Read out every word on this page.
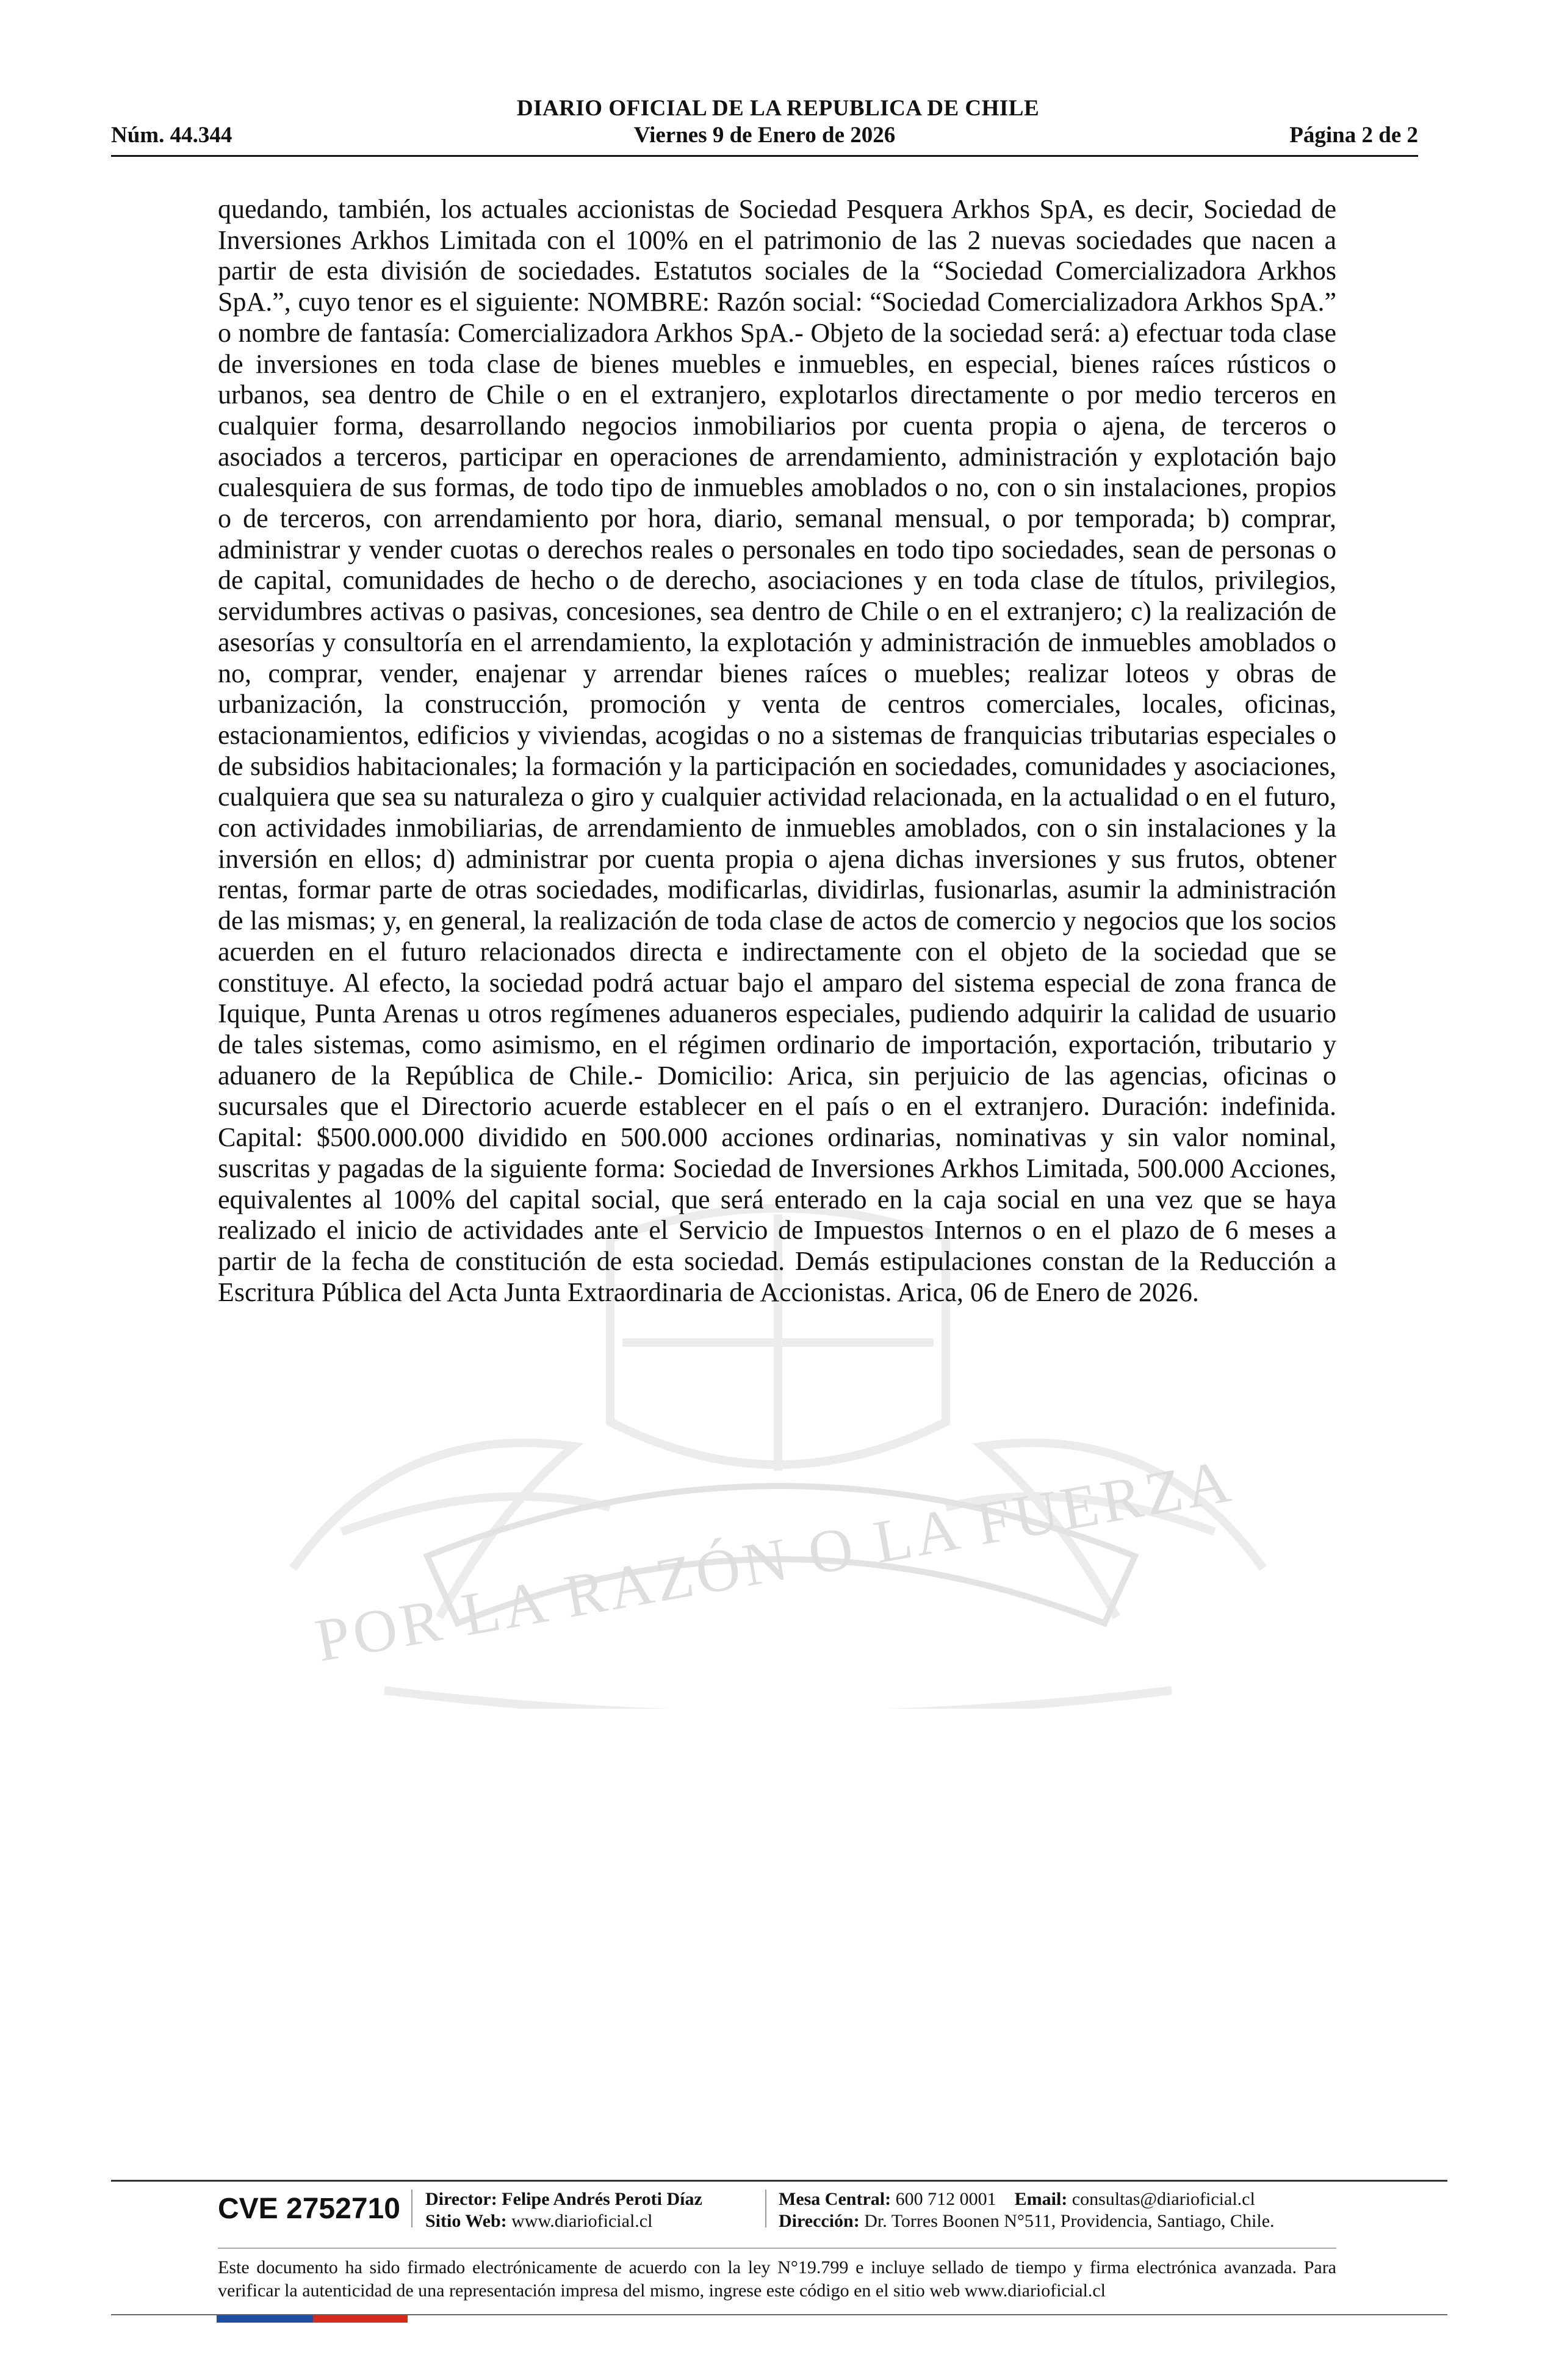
POR LA RAZÓN O LA FUERZA
DIARIO OFICIAL DE LA REPUBLICA DE CHILE
Núm. 44.344	Viernes 9 de Enero de 2026	Página 2 de 2

quedando, también, los actuales accionistas de Sociedad Pesquera Arkhos SpA, es decir, Sociedad de Inversiones Arkhos Limitada con el 100% en el patrimonio de las 2 nuevas sociedades que nacen a partir de esta división de sociedades. Estatutos sociales de la “Sociedad Comercializadora Arkhos SpA.”, cuyo tenor es el siguiente: NOMBRE: Razón social: “Sociedad Comercializadora Arkhos SpA.” o nombre de fantasía: Comercializadora Arkhos SpA.- Objeto de la sociedad será: a) efectuar toda clase de inversiones en toda clase de bienes muebles e inmuebles, en especial, bienes raíces rústicos o urbanos, sea dentro de Chile o en el extranjero, explotarlos directamente o por medio terceros en cualquier forma, desarrollando negocios inmobiliarios por cuenta propia o ajena, de terceros o asociados a terceros, participar en operaciones de arrendamiento, administración y explotación bajo cualesquiera de sus formas, de todo tipo de inmuebles amoblados o no, con o sin instalaciones, propios o de terceros, con arrendamiento por hora, diario, semanal mensual, o por temporada; b) comprar, administrar y vender cuotas o derechos reales o personales en todo tipo sociedades, sean de personas o de capital, comunidades de hecho o de derecho, asociaciones y en toda clase de títulos, privilegios, servidumbres activas o pasivas, concesiones, sea dentro de Chile o en el extranjero; c) la realización de asesorías y consultoría en el arrendamiento, la explotación y administración de inmuebles amoblados o no, comprar, vender, enajenar y arrendar bienes raíces o muebles; realizar loteos y obras de urbanización, la construcción, promoción y venta de centros comerciales, locales, oficinas, estacionamientos, edificios y viviendas, acogidas o no a sistemas de franquicias tributarias especiales o de subsidios habitacionales; la formación y la participación en sociedades, comunidades y asociaciones, cualquiera que sea su naturaleza o giro y cualquier actividad relacionada, en la actualidad o en el futuro, con actividades inmobiliarias, de arrendamiento de inmuebles amoblados, con o sin instalaciones y la inversión en ellos; d) administrar por cuenta propia o ajena dichas inversiones y sus frutos, obtener rentas, formar parte de otras sociedades, modificarlas, dividirlas, fusionarlas, asumir la administración de las mismas; y, en general, la realización de toda clase de actos de comercio y negocios que los socios acuerden en el futuro relacionados directa e indirectamente con el objeto de la sociedad que se constituye. Al efecto, la sociedad podrá actuar bajo el amparo del sistema especial de zona franca de Iquique, Punta Arenas u otros regímenes aduaneros especiales, pudiendo adquirir la calidad de usuario de tales sistemas, como asimismo, en el régimen ordinario de importación, exportación, tributario y aduanero de la República de Chile.- Domicilio: Arica, sin perjuicio de las agencias, oficinas o sucursales que el Directorio acuerde establecer en el país o en el extranjero. Duración: indefinida. Capital: $500.000.000 dividido en 500.000 acciones ordinarias, nominativas y sin valor nominal, suscritas y pagadas de la siguiente forma: Sociedad de Inversiones Arkhos Limitada, 500.000 Acciones, equivalentes al 100% del capital social, que será enterado en la caja social en una vez que se haya realizado el inicio de actividades ante el Servicio de Impuestos Internos o en el plazo de 6 meses a partir de la fecha de constitución de esta sociedad. Demás estipulaciones constan de la Reducción a Escritura Pública del Acta Junta Extraordinaria de Accionistas. Arica, 06 de Enero de 2026.

CVE 2752710 Director: Felipe Andrés Peroti Díaz
Sitio Web: www.diarioficial.cl
Mesa Central: 600 712 0001 Email: consultas@diarioficial.cl
Dirección: Dr. Torres Boonen N°511, Providencia, Santiago, Chile.

Este documento ha sido firmado electrónicamente de acuerdo con la ley N°19.799 e incluye sellado de tiempo y firma electrónica avanzada. Para verificar la autenticidad de una representación impresa del mismo, ingrese este código en el sitio web www.diarioficial.cl
